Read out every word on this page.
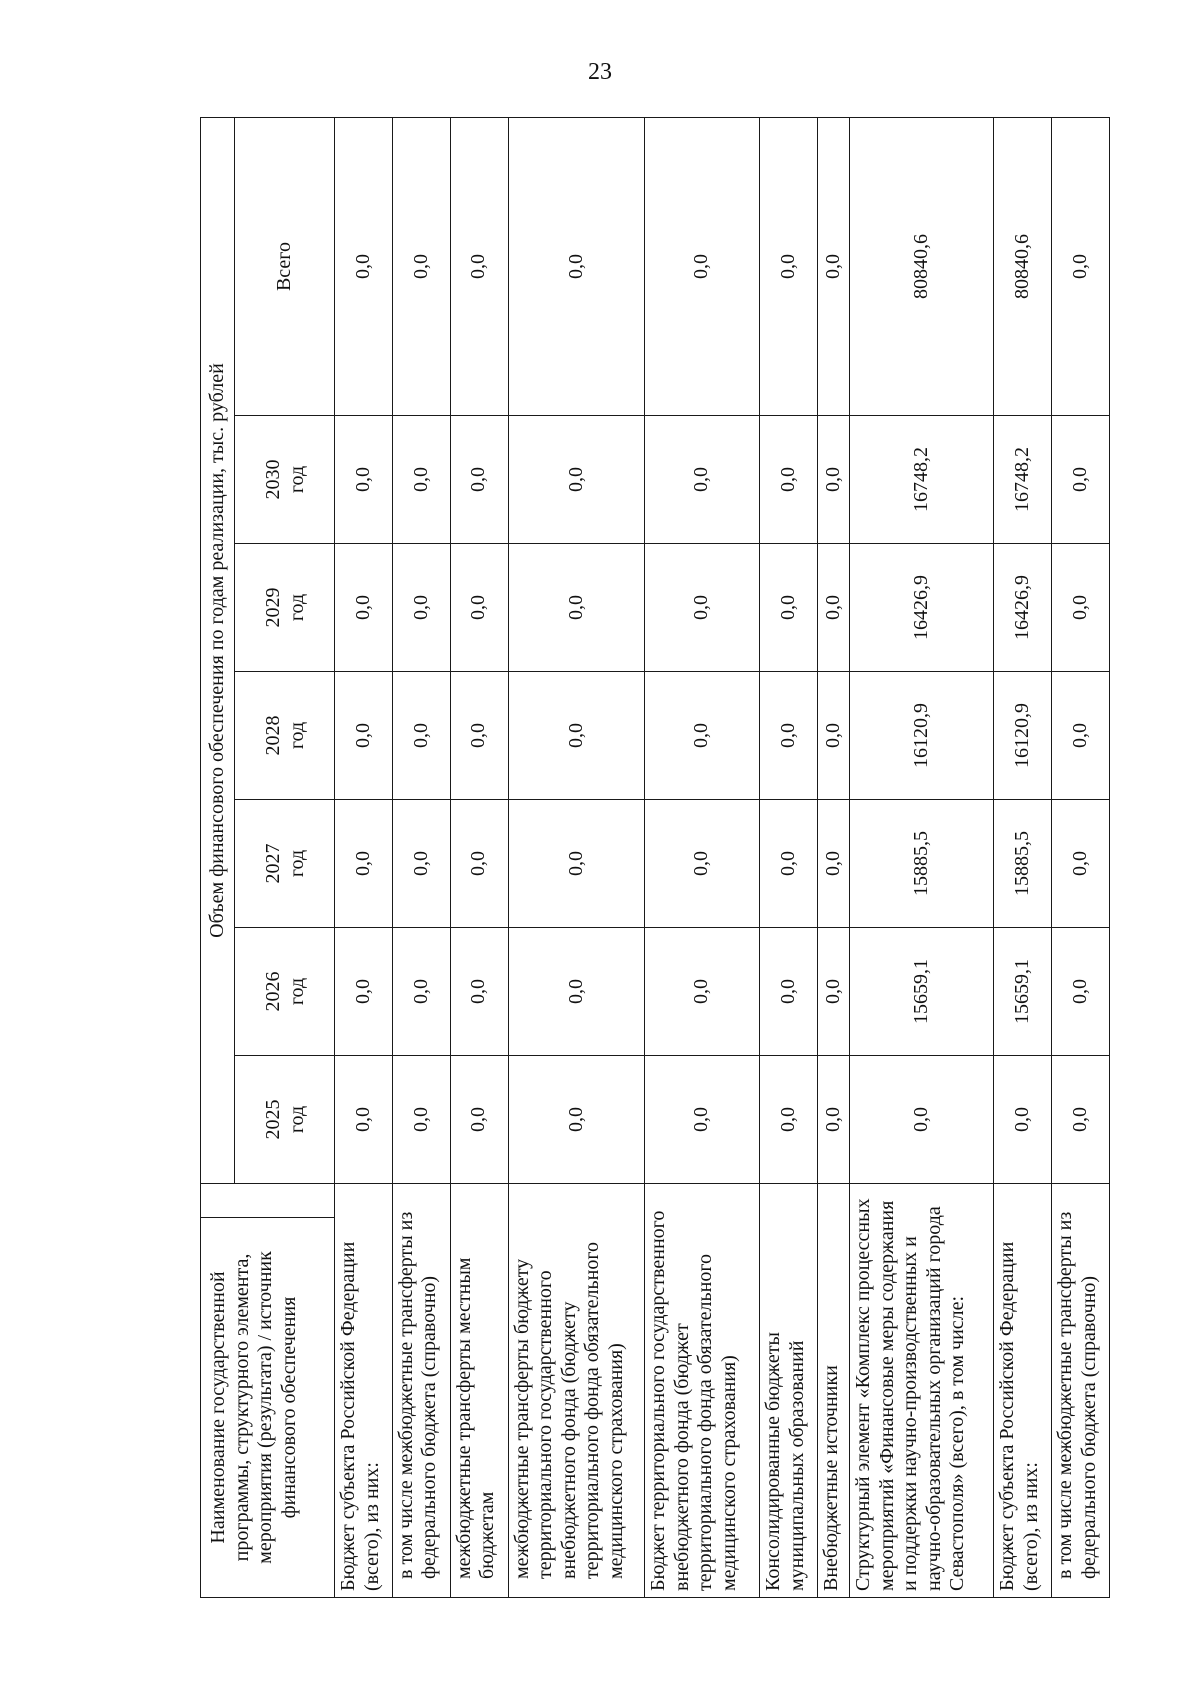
23
Наименование государственной программы, структурного элемента, мероприятия (результата) / источник финансового обеспечения		Объем финансового обеспечения по годам реализации, тыс. рублей						

		2025 год	2026 год	2027 год	2028 год	2029 год	2030 год	Всего
Бюджет субъекта Российской Федерации (всего), из них:		0,0	0,0	0,0	0,0	0,0	0,0	0,0
в том числе межбюджетные трансферты из федерального бюджета (справочно)		0,0	0,0	0,0	0,0	0,0	0,0	0,0
межбюджетные трансферты местным бюджетам		0,0	0,0	0,0	0,0	0,0	0,0	0,0
межбюджетные трансферты бюджету территориального государственного внебюджетного фонда (бюджету территориального фонда обязательного медицинского страхования)		0,0	0,0	0,0	0,0	0,0	0,0	0,0
Бюджет территориального государственного внебюджетного фонда (бюджет территориального фонда обязательного медицинского страхования)		0,0	0,0	0,0	0,0	0,0	0,0	0,0
Консолидированные бюджеты муниципальных образований		0,0	0,0	0,0	0,0	0,0	0,0	0,0
Внебюджетные источники		0,0	0,0	0,0	0,0	0,0	0,0	0,0
Структурный элемент «Комплекс процессных мероприятий «Финансовые меры содержания и поддержки научно-производственных и научно-образовательных организаций города Севастополя» (всего), в том числе:		0,0	15659,1	15885,5	16120,9	16426,9	16748,2	80840,6
Бюджет субъекта Российской Федерации (всего), из них:		0,0	15659,1	15885,5	16120,9	16426,9	16748,2	80840,6
в том числе межбюджетные трансферты из федерального бюджета (справочно)		0,0	0,0	0,0	0,0	0,0	0,0	0,0
